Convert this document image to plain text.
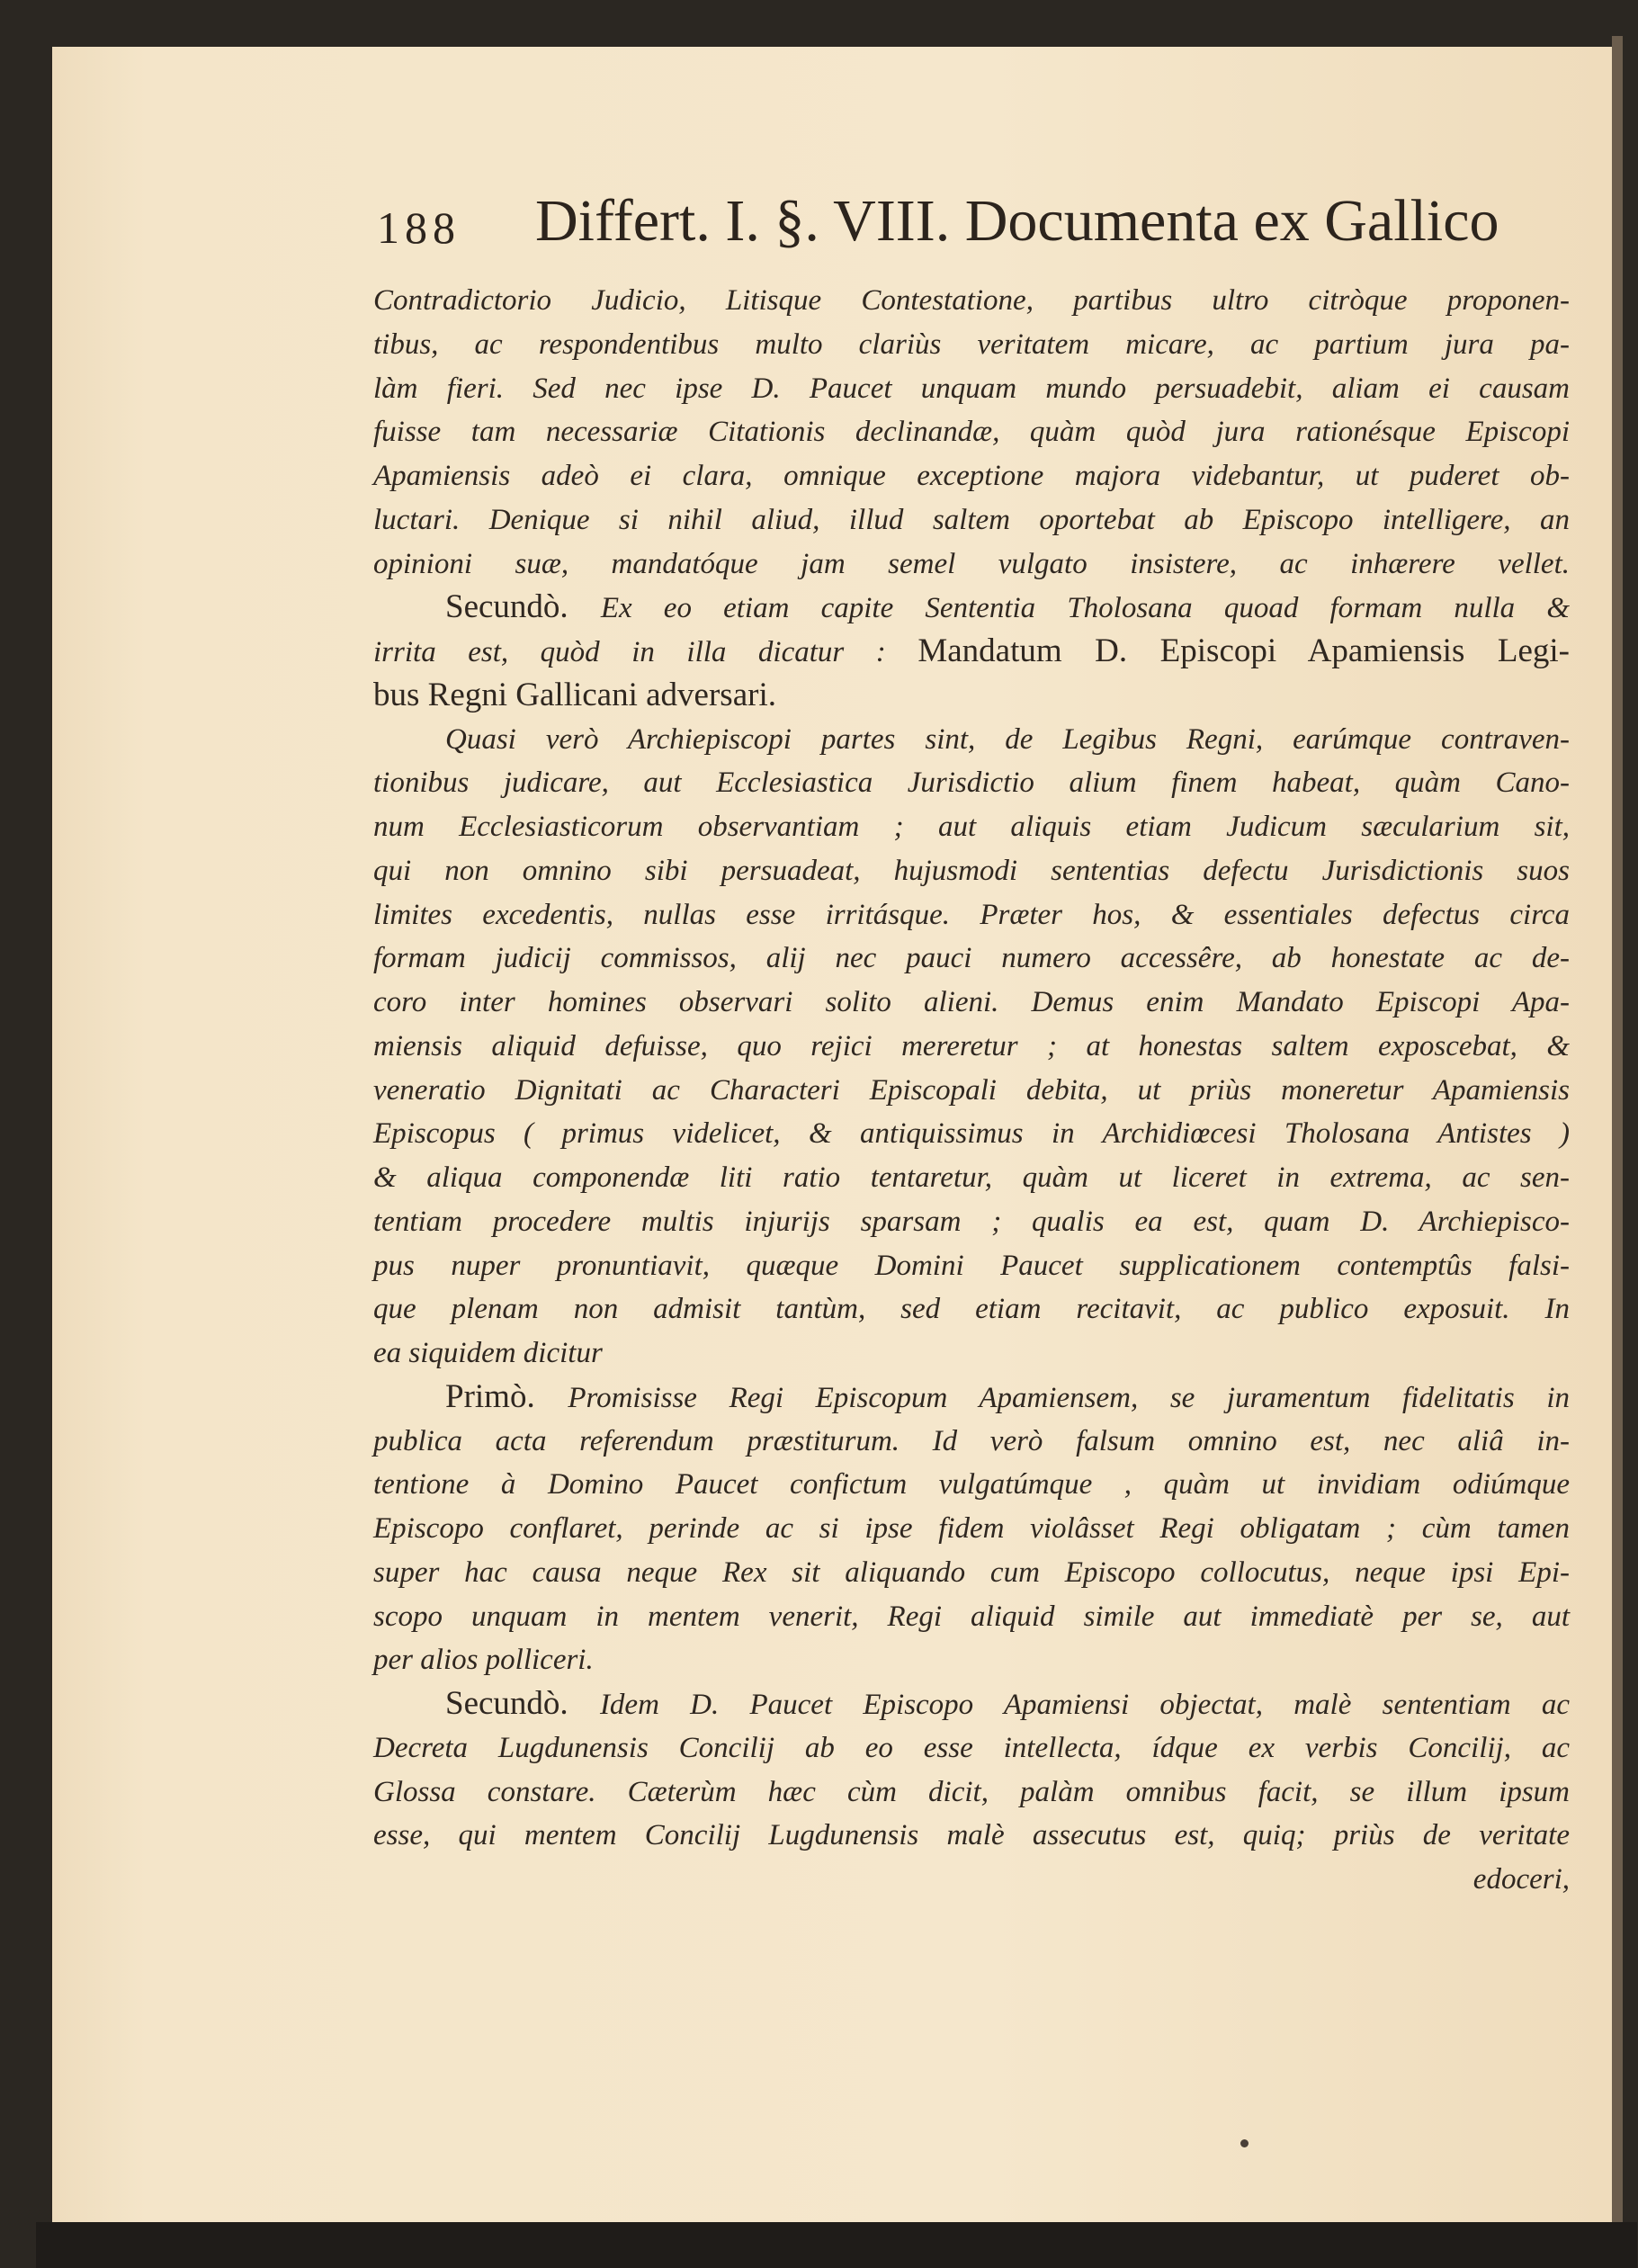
188 Differt. I. §. VIII. Documenta ex Gallico
Contradictorio Judicio, Litisque Contestatione, partibus ultro citròque proponen-
tibus, ac respondentibus multo clariùs veritatem micare, ac partium jura pa-
làm fieri. Sed nec ipse D. Paucet unquam mundo persuadebit, aliam ei causam
fuisse tam necessariæ Citationis declinandæ, quàm quòd jura rationésque Episcopi
Apamiensis adeò ei clara, omnique exceptione majora videbantur, ut puderet ob-
luctari. Denique si nihil aliud, illud saltem oportebat ab Episcopo intelligere, an
opinioni suæ, mandatóque jam semel vulgato insistere, ac inhærere vellet.
Secundò. Ex eo etiam capite Sententia Tholosana quoad formam nulla &
irrita est, quòd in illa dicatur : Mandatum D. Episcopi Apamiensis Legi-
bus Regni Gallicani adversari.
Quasi verò Archiepiscopi partes sint, de Legibus Regni, earúmque contraven-
tionibus judicare, aut Ecclesiastica Jurisdictio alium finem habeat, quàm Cano-
num Ecclesiasticorum observantiam ; aut aliquis etiam Judicum sæcularium sit,
qui non omnino sibi persuadeat, hujusmodi sententias defectu Jurisdictionis suos
limites excedentis, nullas esse irritásque. Præter hos, & essentiales defectus circa
formam judicij commissos, alij nec pauci numero accessêre, ab honestate ac de-
coro inter homines observari solito alieni. Demus enim Mandato Episcopi Apa-
miensis aliquid defuisse, quo rejici mereretur ; at honestas saltem exposcebat, &
veneratio Dignitati ac Characteri Episcopali debita, ut priùs moneretur Apamiensis
Episcopus ( primus videlicet, & antiquissimus in Archidiœcesi Tholosana Antistes )
& aliqua componendæ liti ratio tentaretur, quàm ut liceret in extrema, ac sen-
tentiam procedere multis injurijs sparsam ; qualis ea est, quam D. Archiepisco-
pus nuper pronuntiavit, quæque Domini Paucet supplicationem contemptûs falsi-
que plenam non admisit tantùm, sed etiam recitavit, ac publico exposuit. In
ea siquidem dicitur
Primò. Promisisse Regi Episcopum Apamiensem, se juramentum fidelitatis in
publica acta referendum præstiturum. Id verò falsum omnino est, nec aliâ in-
tentione à Domino Paucet confictum vulgatúmque , quàm ut invidiam odiúmque
Episcopo conflaret, perinde ac si ipse fidem violâsset Regi obligatam ; cùm tamen
super hac causa neque Rex sit aliquando cum Episcopo collocutus, neque ipsi Epi-
scopo unquam in mentem venerit, Regi aliquid simile aut immediatè per se, aut
per alios polliceri.
Secundò. Idem D. Paucet Episcopo Apamiensi objectat, malè sententiam ac
Decreta Lugdunensis Concilij ab eo esse intellecta, ídque ex verbis Concilij, ac
Glossa constare. Cæterùm hæc cùm dicit, palàm omnibus facit, se illum ipsum
esse, qui mentem Concilij Lugdunensis malè assecutus est, quiq; priùs de veritate
edoceri,
